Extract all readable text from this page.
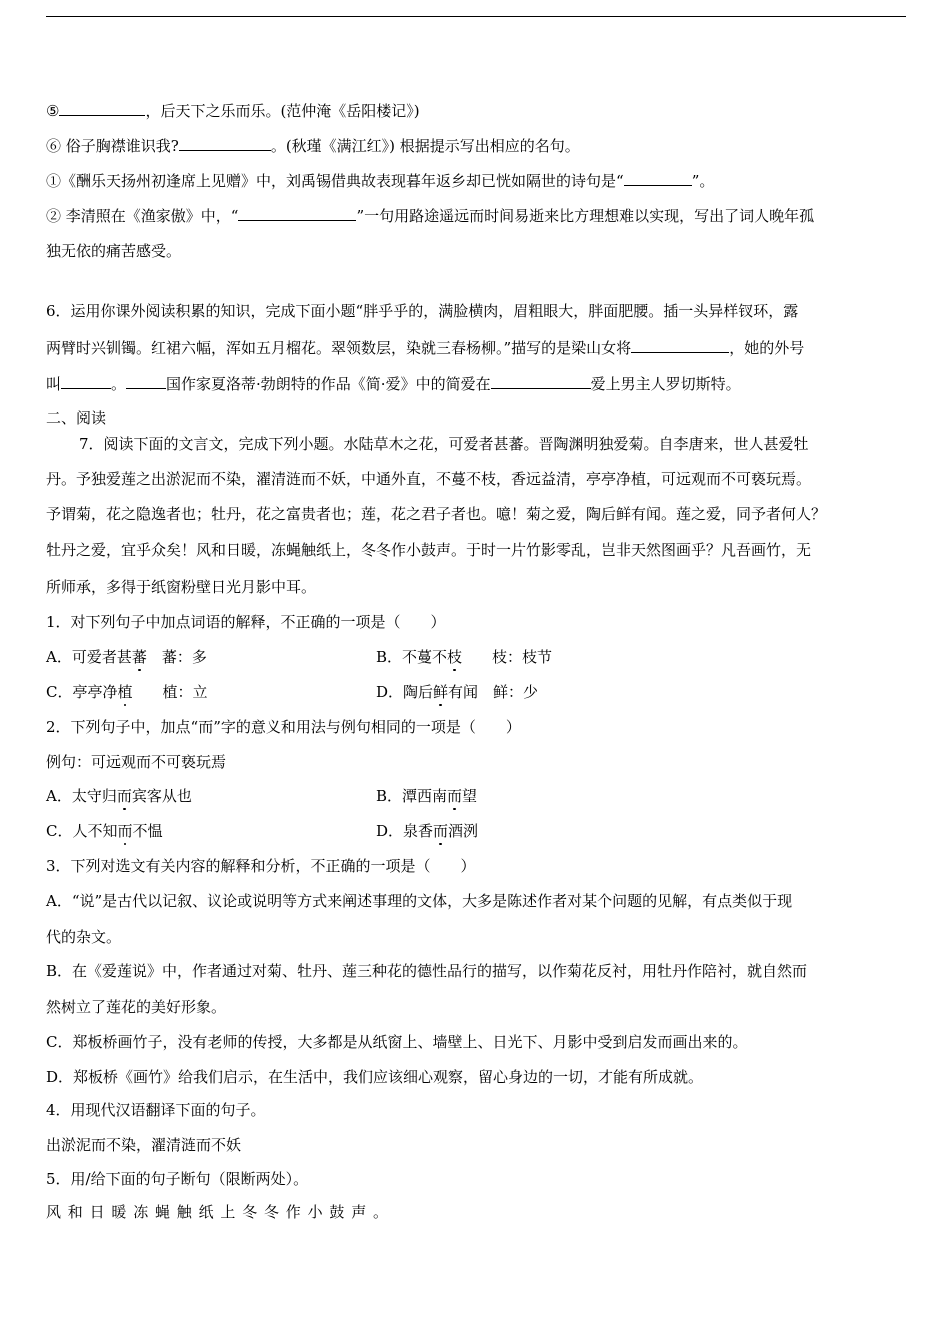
⑤	，后天下之乐而乐。(范仲淹《岳阳楼记》)
⑥ 俗子胸襟谁识我?	。(秋瑾《满江红》) 根据提示写出相应的名句。
①《酬乐天扬州初逢席上见赠》中，刘禹锡借典故表现暮年返乡却已恍如隔世的诗句是“	”。
② 李清照在《渔家傲》中，“	”一句用路途遥远而时间易逝来比方理想难以实现，写出了词人晚年孤
独无依的痛苦感受。
6．运用你课外阅读积累的知识，完成下面小题“胖乎乎的，满脸横肉，眉粗眼大，胖面肥腰。插一头异样钗环，露
两臂时兴钏镯。红裙六幅，浑如五月榴花。翠领数层，染就三春杨柳。”描写的是梁山女将	，她的外号
叫	。	国作家夏洛蒂·勃朗特的作品《简·爱》中的简爱在	爱上男主人罗切斯特。
二、阅读
7．阅读下面的文言文，完成下列小题。水陆草木之花，可爱者甚蕃。晋陶渊明独爱菊。自李唐来，世人甚爱牡
丹。予独爱莲之出淤泥而不染，濯清涟而不妖，中通外直，不蔓不枝，香远益清，亭亭净植，可远观而不可亵玩焉。
予谓菊，花之隐逸者也；牡丹，花之富贵者也；莲，花之君子者也。噫！菊之爱，陶后鲜有闻。莲之爱，同予者何人？
牡丹之爱，宜乎众矣！风和日暖，冻蝇触纸上，冬冬作小鼓声。于时一片竹影零乱，岂非天然图画乎？凡吾画竹，无
所师承，多得于纸窗粉壁日光月影中耳。
1．对下列句子中加点词语的解释，不正确的一项是（　　）
A．可爱者甚蕃　蕃：多	B．不蔓不枝　　枝：枝节
C．亭亭净植　　植：立	D．陶后鲜有闻　鲜：少
2．下列句子中，加点“而”字的意义和用法与例句相同的一项是（　　）
例句：可远观而不可亵玩焉
A．太守归而宾客从也	B．潭西南而望
C．人不知而不愠	D．泉香而酒洌
3．下列对选文有关内容的解释和分析，不正确的一项是（　　）
A．“说”是古代以记叙、议论或说明等方式来阐述事理的文体，大多是陈述作者对某个问题的见解，有点类似于现
代的杂文。
B．在《爱莲说》中，作者通过对菊、牡丹、莲三种花的德性品行的描写，以作菊花反衬，用牡丹作陪衬，就自然而
然树立了莲花的美好形象。
C．郑板桥画竹子，没有老师的传授，大多都是从纸窗上、墙壁上、日光下、月影中受到启发而画出来的。
D．郑板桥《画竹》给我们启示，在生活中，我们应该细心观察，留心身边的一切，才能有所成就。
4．用现代汉语翻译下面的句子。
出淤泥而不染，濯清涟而不妖
5．用/给下面的句子断句（限断两处）。
风和日暖冻蝇触纸上冬冬作小鼓声。
